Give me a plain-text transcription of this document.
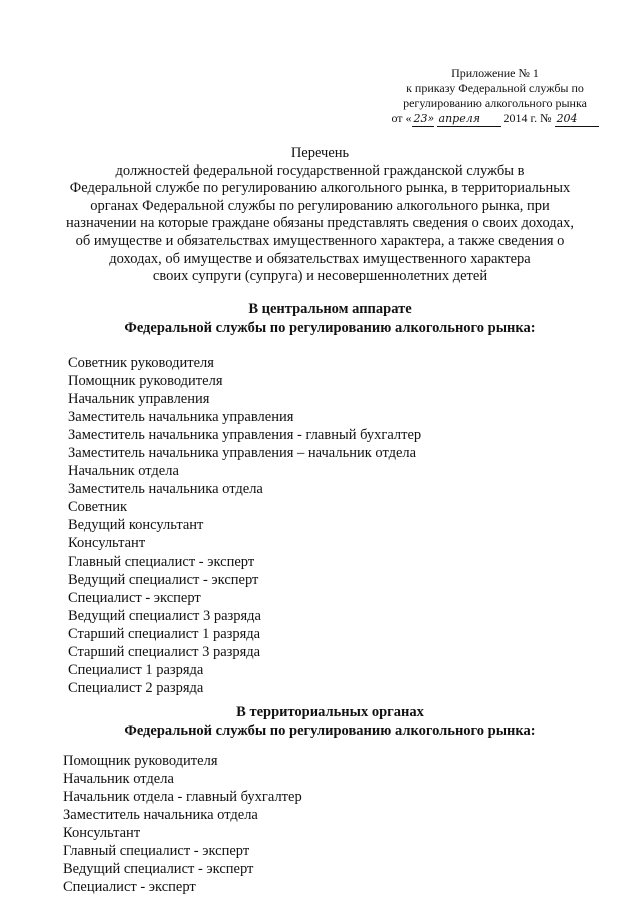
Приложение № 1
к приказу Федеральной службы по
регулированию алкогольного рынка
от « 23» апреля 2014 г. № 204
Перечень
должностей федеральной государственной гражданской службы в
Федеральной службе по регулированию алкогольного рынка, в территориальных
органах Федеральной службы по регулированию алкогольного рынка, при
назначении на которые граждане обязаны представлять сведения о своих доходах,
об имуществе и обязательствах имущественного характера, а также сведения о
доходах, об имуществе и обязательствах имущественного характера
своих супруги (супруга) и несовершеннолетних детей
В центральном аппарате
Федеральной службы по регулированию алкогольного рынка:
Советник руководителя
Помощник руководителя
Начальник управления
Заместитель начальника управления
Заместитель начальника управления - главный бухгалтер
Заместитель начальника управления – начальник отдела
Начальник отдела
Заместитель начальника отдела
Советник
Ведущий консультант
Консультант
Главный специалист - эксперт
Ведущий специалист - эксперт
Специалист - эксперт
Ведущий специалист 3 разряда
Старший специалист 1 разряда
Старший специалист 3 разряда
Специалист 1 разряда
Специалист 2 разряда
В территориальных органах
Федеральной службы по регулированию алкогольного рынка:
Помощник руководителя
Начальник отдела
Начальник отдела - главный бухгалтер
Заместитель начальника отдела
Консультант
Главный специалист - эксперт
Ведущий специалист - эксперт
Специалист - эксперт
